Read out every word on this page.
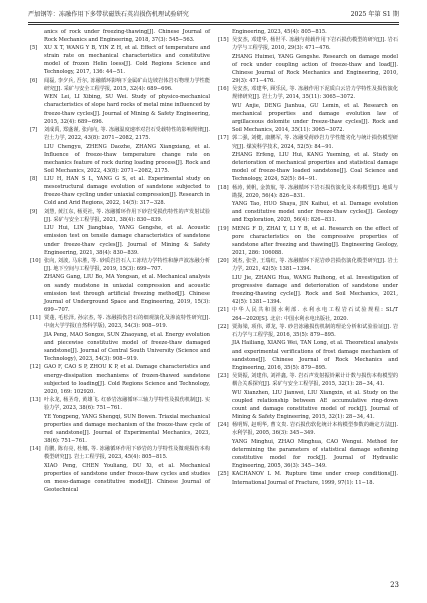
严加钢等：冻融作用下多带状磁铁石英岩损伤机理试验研究	2025 年第 S1 期
anics of rock under freezing-thawing[J]. Chinese Journal of Rock Mechanics and Engineering, 2018, 37(3): 545−563.
[5] XU X T, WANG Y B, YIN Z H, et al. Effect of temperature and strain rate on mechanical characteristics and constitutive model of frozen Helin loess[J]. Cold Regions Science and Technology, 2017, 136: 44−51.
[6] 闻磊, 李夕兵, 吾尔, 冻融循环影响下金属矿山边坡岩体岩石物理力学性能研究[J]. 采矿与安全工程学报, 2015, 32(4): 689−696.
WEN Lei, LI Xibing, SU Wei. Study of physico-mechanical characteristics of slope hard rocks of metal mine influenced by freeze-thaw cycles[J]. Journal of Mining & Safety Engineering, 2015, 32(4): 689−696.
[7] 刘成禹, 郑盛谨, 张向向, 等. 冻融温度速率对岩石受载特性的影响规律[J]. 岩土力学, 2022, 43(8): 2071−2082, 2175.
LIU Chengyu, ZHENG Daozhe, ZHANG Xiangxiang, et al. Influence of freeze-thaw temperature change rate on mechanics feature of rock during loading process[J]. Rock and Soil Mechanics, 2022, 43(8): 2071−2082, 2175.
[8] LIU H, HAN S L, YANG G S, et al. Experimental study on mesostructural damage evolution of sandstone subjected to freeze-thaw cycling under uniaxial compression[J]. Research in Cold and Arid Regions, 2022, 14(5): 317−328.
[9] 刘慧, 黄江东, 杨更社, 等. 冻融循环作用下砂岩受损伤特性的声发射试验[J]. 采矿与安全工程学报, 2021, 38(4): 830−839.
LIU Hui, LIN Jiangbiao, YANG Gengshe, et al. Acoustic emission test on tensile damage characteristics of sandstone under freeze-thaw cycles[J]. Journal of Mining & Safety Engineering, 2021, 38(4): 830−839.
[10] 张向, 刘波, 马东胜, 等. 砂质岩岩石人工冻结力学特性和静声波冻融分析[J]. 地下空间与工程学报, 2019, 15(3): 699−707.
ZHANG Gang, LIU Bo, MA Yongsan, et al. Mechanical analysis on sandy mudstone in uniaxial compression and acoustic emission test through artificial freezing method[J]. Chinese Journal of Underground Space and Engineering, 2019, 15(3): 699−707.
[11] 贾蓬, 毛松泽, 孙宗杰, 等. 冻融损伤岩石的细观演化及渗流特性研究[J]. 中南大学学报(自然科学版), 2023, 54(3): 908−919.
JIA Peng, MAO Songze, SUN Zhaoyang, et al. Energy evolution and piecewise constitutive model of freeze-thaw damaged sandstone[J]. Journal of Central South University (Science and Technology), 2023, 54(3): 908−919.
[12] GAO F, CAO S P, ZHOU K P, et al. Damage characteristics and energy-dissipation mechanisms of frozen-thawed sandstone subjected to loading[J]. Cold Regions Science and Technology, 2020, 169: 102920.
[13] 叶永龙, 杨圣奇, 黄雄飞. 红砂岩冻融循环三轴力学特性及损伤机制[J]. 实验力学, 2023, 38(6): 751−761.
YE Yongpeng, YANG Shengqi, SUN Bowen. Triaxial mechanical properties and damage mechanism of the freeze-thaw cycle of red sandstone[J]. Journal of Experimental Mechanics, 2023, 38(6): 751−761.
[14] 肖鹏, 陈有亮, 杜娜, 等. 冻融循环作用下砂岩的力学特性及微观损伤本构模型研究[J]. 岩土工程学报, 2023, 45(4): 805−815.
XIAO Peng, CHEN Youliang, DU Xi, et al. Mechanical properties of sandstone under freeze-thaw cycles and studies on meso-damage constitutive model[J]. Chinese Journal of Geotechnical
Engineering, 2023, 45(4): 805−815.
[15] 吴安杰, 邓建华, 杨世平. 冻融与荷载作用下岩石损伤模型的研究[J]. 岩石力学与工程学报, 2010, 29(3): 471−476.
ZHANG Huimei, YANG Gengshe. Research on damage model of rock under coupling action of freeze-thaw and load[J]. Chinese Journal of Rock Mechanics and Engineering, 2010, 29(3): 471−476.
[16] 吴安杰, 邓建华, 顾乐民, 等. 冻融作用下泥质白云岩力学特性及损伤演化规律研究[J]. 岩土力学, 2014, 35(11): 3065−3072.
WU Anjie, DENG Jianhua, GU Lemin, et al. Research on mechanical properties and damage evolution law of argillaceous dolomite under freeze-thaw cycles[J]. Rock and Soil Mechanics, 2014, 35(11): 3065−3072.
[17] 郭二强, 刘健, 康鹏军, 等. 冻融受荷砂岩力学性能劣化与统计损伤模型研究[J]. 煤炭科学技术, 2024, 52(5): 84−91.
ZHANG Erfeng, LIU Hui, KANG Yueming, et al. Study on deterioration of mechanical properties and statistical damage model of freeze-thaw loaded sandstone[J]. Coal Science and Technology, 2024, 52(5): 84−91.
[18] 杨涛, 黄帆, 金敦航, 等. 冻融循环下岩石损伤演化及本构模型[J]. 地质与勘探, 2020, 56(4): 826−831.
YANG Tao, HUO Shaya, JIN Kaihui, et al. Damage evolution and constitutive model under freeze-thaw cycles[J]. Geology and Exploration, 2020, 56(4): 826−831.
[19] MENG F D, ZHAI Y, LI Y B, et al. Research on the effect of pore characteristics on the compressive properties of sandstone after freezing and thawing[J]. Engineering Geology, 2021, 286: 106088.
[20] 刘杰, 张莹, 王瑞红, 等. 冻融循环下泥岩砂岩损伤演化模型研究[J]. 岩土力学, 2021, 42(5): 1381−1394.
LIU Jie, ZHANG Hua, WANG Ruihong, et al. Investigation of progressive damage and deterioration of sandstone under freezing-thawing cycle[J]. Rock and Soil Mechanics, 2021, 42(5): 1381−1394.
[21] 中华人民共和国水利部. 水利水电工程岩石试验规程: SL/T 264−2020[S]. 北京: 中国水利水电出版社, 2020.
[22] 贾海梁, 项伟, 谭龙, 等. 砂岩冻融损伤机制的理论分析和试验验证[J]. 岩石力学与工程学报, 2016, 35(5): 879−895.
JIA Hailiang, XIANG Wei, TAN Long, et al. Theoretical analysis and experimental verifications of frost damage mechanism of sandstone[J]. Chinese Journal of Rock Mechanics and Engineering, 2016, 35(5): 879−895.
[23] 吴贤振, 刘建伟, 刘祥鑫, 等. 岩石声发射振铃累计计数与损伤本构模型的耦合关系探究[J]. 采矿与安全工程学报, 2015, 32(1): 28−34, 41.
WU Xianzhen, LIU Jianwei, LIU Xiangxin, et al. Study on the coupled relationship between AE accumulative ring-down count and damage constitutive model of rock[J]. Journal of Mining & Safety Engineering, 2015, 32(1): 28−34, 41.
[24] 杨明辉, 赵明华, 曹文贵. 岩石损伤软化统计本构模型参数的确定方法[J]. 水利学报, 2005, 36(3): 345−349.
YANG Minghui, ZHAO Minghua, CAO Wengui. Method for determining the parameters of statistical damage softening constitutive model for rock[J]. Journal of Hydraulic Engineering, 2005, 36(3): 345−349.
[25] KACHANOV L M. Rupture time under creep conditions[J]. International Journal of Fracture, 1999, 97(1): 11−18.
23
